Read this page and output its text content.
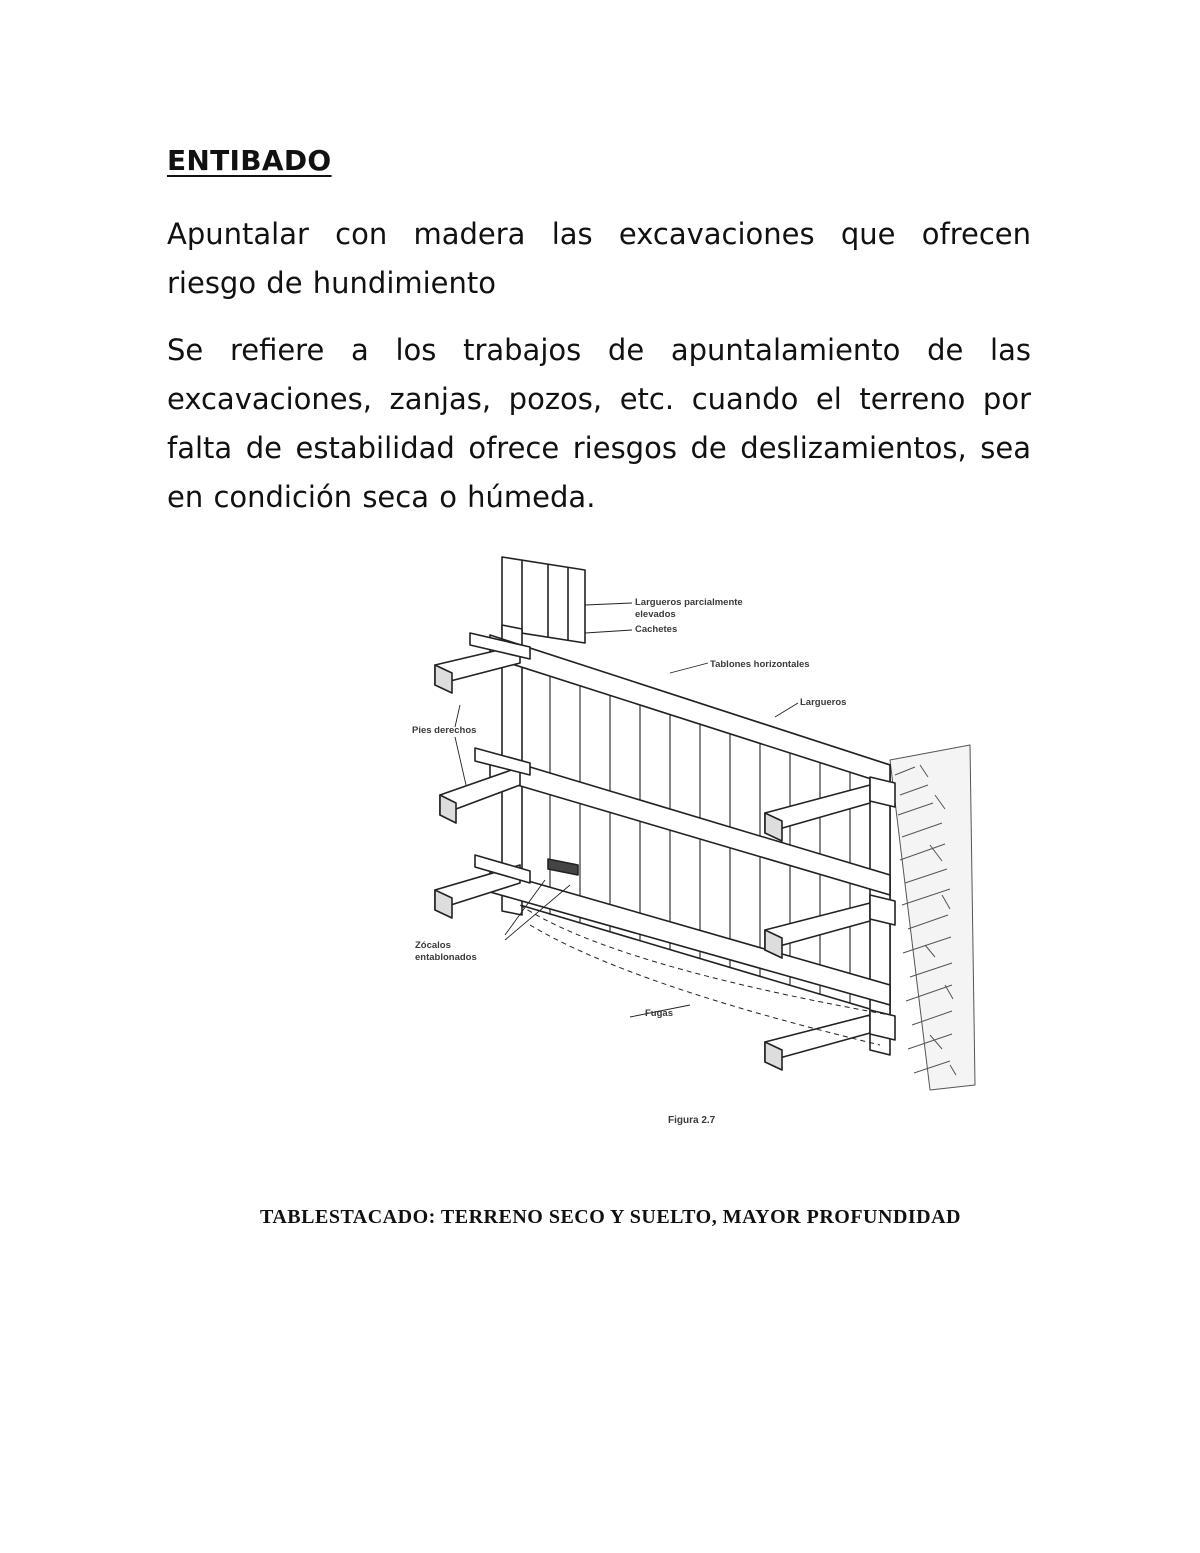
ENTIBADO
Apuntalar con madera las excavaciones que ofrecen riesgo de hundimiento
Se refiere a los trabajos de apuntalamiento de las excavaciones, zanjas, pozos, etc. cuando el terreno por falta de estabilidad ofrece riesgos de deslizamientos, sea en condición seca o húmeda.
Largueros parcialmente
elevados
Cachetes
Tablones horizontales
Largueros
Pies derechos
Zócalos
entablonados
Fugas
Figura 2.7
TABLESTACADO: TERRENO SECO Y SUELTO, MAYOR PROFUNDIDAD
